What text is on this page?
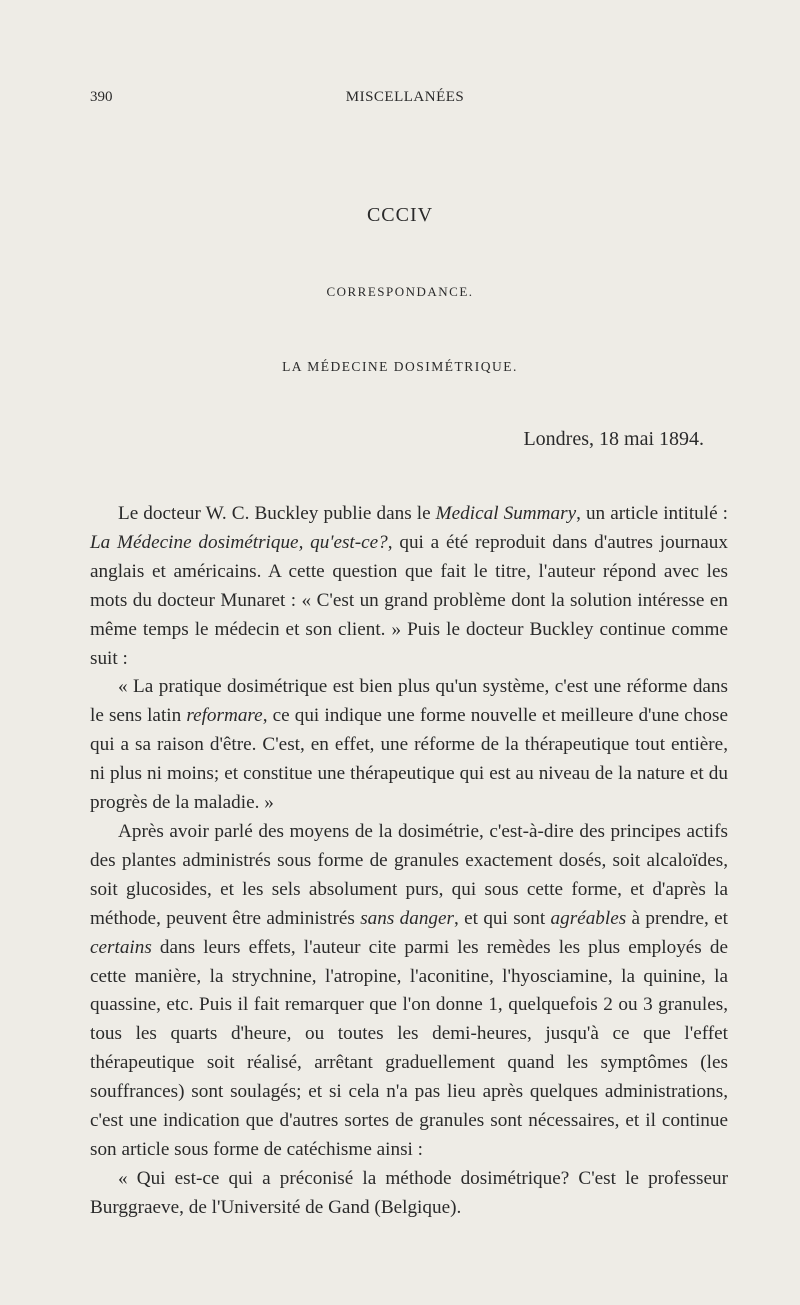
390	MISCELLANÉES
CCCIV
CORRESPONDANCE.
LA MÉDECINE DOSIMÉTRIQUE.
Londres, 18 mai 1894.

Le docteur W. C. Buckley publie dans le Medical Summary, un article intitulé : La Médecine dosimétrique, qu'est-ce?, qui a été reproduit dans d'autres journaux anglais et américains. A cette question que fait le titre, l'auteur répond avec les mots du docteur Munaret : « C'est un grand problème dont la solution intéresse en même temps le médecin et son client. » Puis le docteur Buckley continue comme suit :

« La pratique dosimétrique est bien plus qu'un système, c'est une réforme dans le sens latin reformare, ce qui indique une forme nouvelle et meilleure d'une chose qui a sa raison d'être. C'est, en effet, une réforme de la thérapeutique tout entière, ni plus ni moins; et constitue une thérapeutique qui est au niveau de la nature et du progrès de la maladie. »

Après avoir parlé des moyens de la dosimétrie, c'est-à-dire des principes actifs des plantes administrés sous forme de granules exactement dosés, soit alcaloïdes, soit glucosides, et les sels absolument purs, qui sous cette forme, et d'après la méthode, peuvent être administrés sans danger, et qui sont agréables à prendre, et certains dans leurs effets, l'auteur cite parmi les remèdes les plus employés de cette manière, la strychnine, l'atropine, l'aconitine, l'hyosciamine, la quinine, la quassine, etc. Puis il fait remarquer que l'on donne 1, quelquefois 2 ou 3 granules, tous les quarts d'heure, ou toutes les demi-heures, jusqu'à ce que l'effet thérapeutique soit réalisé, arrêtant graduellement quand les symptômes (les souffrances) sont soulagés; et si cela n'a pas lieu après quelques administrations, c'est une indication que d'autres sortes de granules sont nécessaires, et il continue son article sous forme de catéchisme ainsi :

« Qui est-ce qui a préconisé la méthode dosimétrique? C'est le professeur Burggraeve, de l'Université de Gand (Belgique).
